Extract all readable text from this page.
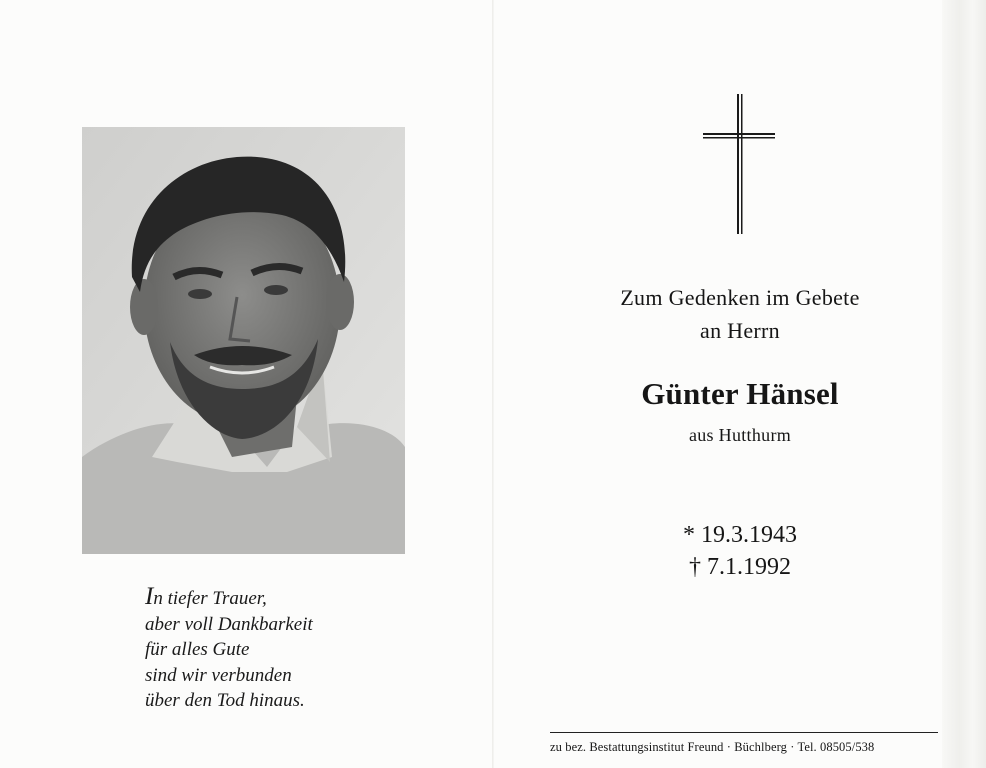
In tiefer Trauer,
aber voll Dankbarkeit
für alles Gute
sind wir verbunden
über den Tod hinaus.
Zum Gedenken im Gebete
an Herrn
Günter Hänsel
aus Hutthurm
* 19.3.1943
† 7.1.1992
zu bez. Bestattungsinstitut Freund · Büchlberg · Tel. 08505/538
